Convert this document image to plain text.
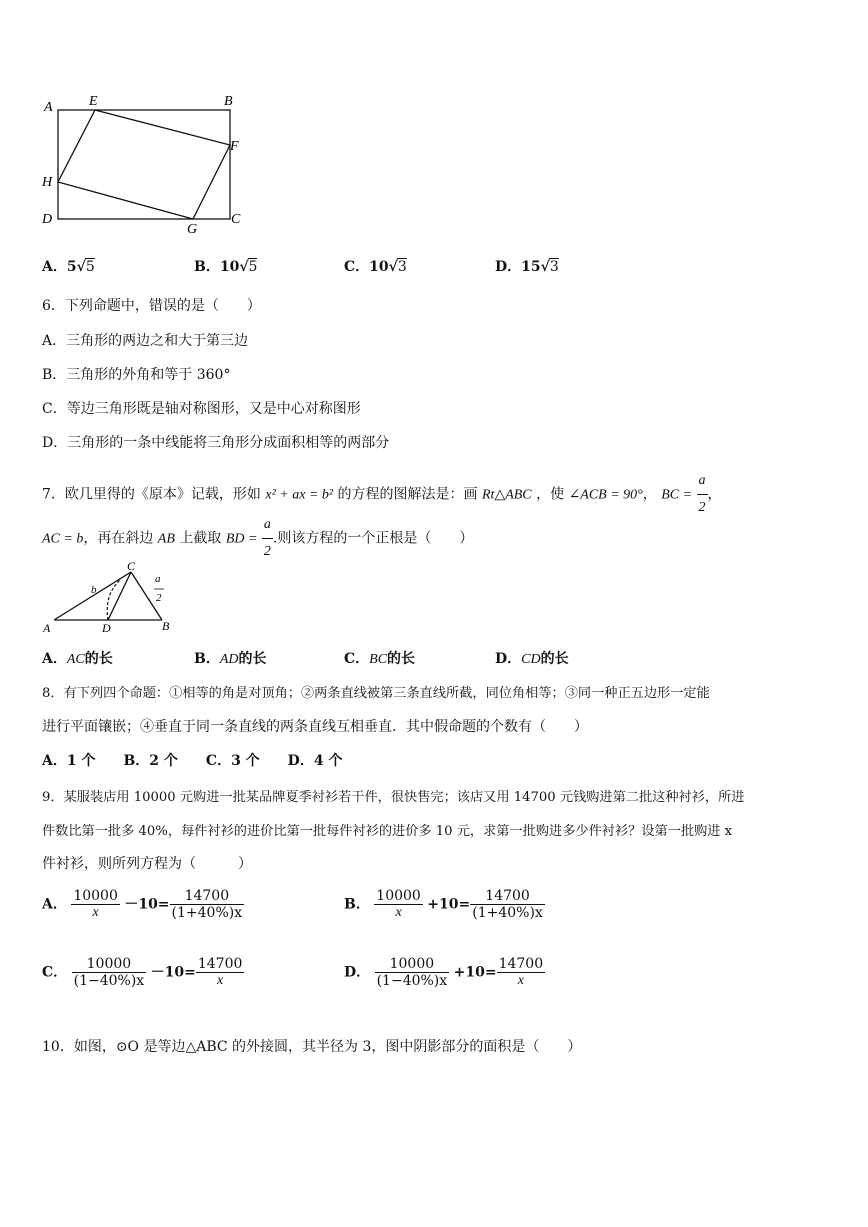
A	E	B
F
H
D
G
C
A．5√5	B．10√5	C．10√3	D．15√3
6．下列命题中，错误的是（　　）
A．三角形的两边之和大于第三边
B．三角形的外角和等于 360°
C．等边三角形既是轴对称图形，又是中心对称图形
D．三角形的一条中线能将三角形分成面积相等的两部分
7．欧几里得的《原本》记载，形如 x² + ax = b² 的方程的图解法是：画 Rt△ABC ，使 ∠ACB = 90°， BC = $\frac{a}{2}$ ，
AC = b，再在斜边 AB 上截取 BD = $\frac{a}{2}$ .则该方程的一个正根是（　　）
C
b
a
2
A	D	B
A．AC的长	B．AD的长	C．BC的长	D．CD的长
8．有下列四个命题：①相等的角是对顶角；②两条直线被第三条直线所截，同位角相等；③同一种正五边形一定能
进行平面镶嵌；④垂直于同一条直线的两条直线互相垂直．其中假命题的个数有（　　）
A．1 个　　B．2 个　　C．3 个　　D．4 个
9．某服装店用 10000 元购进一批某品牌夏季衬衫若干件，很快售完；该店又用 14700 元钱购进第二批这种衬衫，所进
件数比第一批多 40%，每件衬衫的进价比第一批每件衬衫的进价多 10 元，求第一批购进多少件衬衫？设第一批购进 x
件衬衫，则所列方程为（　　　）
A． $\frac{10000}{x} -10= \frac{14700}{(1+40\%)x}$	B． $\frac{10000}{x} +10= \frac{14700}{(1+40\%)x}$
C． $\frac{10000}{(1-40\%)x} -10= \frac{14700}{x}$	D． $\frac{10000}{(1-40\%)x} +10= \frac{14700}{x}$
10．如图，⊙O 是等边△ABC 的外接圆，其半径为 3，图中阴影部分的面积是（　　）
